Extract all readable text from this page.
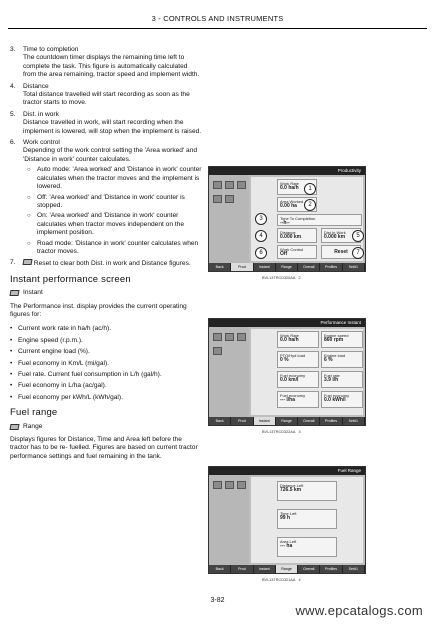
3 - CONTROLS AND INSTRUMENTS
3. Time to completion
The countdown timer displays the remaining time left to complete the task. This figure is automatically calculated from the area remaining, tractor speed and implement width.
4. Distance
Total distance travelled will start recording as soon as the tractor starts to move.
5. Dist. in work
Distance travelled in work, will start recording when the implement is lowered, will stop when the implement is raised.
6. Work control
Depending of the work control setting the 'Area worked' and 'Distance in work' counter calculates.
○ Auto mode: 'Area worked' and 'Distance in work' counter calculates when the tractor moves and the implement is lowered.
○ Off: 'Area worked' and 'Distance in work' counter is stopped.
○ On: 'Area worked' and 'Distance in work' counter calculates when tractor moves independent on the implement position.
○ Road mode: 'Distance in work' counter calculates when tractor moves.
7.	Reset to clear both Dist. in work and Distance figures.
Instant performance screen
Instant
The Performance inst. display provides the current operating figures for:
• Current work rate in ha/h (ac/h).
• Engine speed (r.p.m.).
• Current engine load (%).
• Fuel economy in Km/L (mi/gal).
• Fuel rate. Current fuel consumption in L/h (gal/h).
• Fuel economy in L/ha (ac/gal).
• Fuel economy per kWh/L (kWh/gal).
Fuel range
Range
Displays figures for Distance, Time and Area left before the tractor has to be re- fuelled. Figures are based on current tractor performance settings and fuel remaining in the tank.
Productivity
Work Rate
0.0 ha/h
Area Worked
0.00 ha
Time To Completion
--h--
Distance
0.000 km
Dist In Work
0.000 km
Work Control
Off	Reset
1
2
3
4	5
6	7
Back	Prod	Instant	Range	Overall	Profiles	Set#1
BVL13TRCD320AA 2
Performance Instant
Work Rate
0.0 ha/h
Engine speed
860 rpm
PTO/Hyd load
0 %
Engine load
6 %
Fuel economy
0.0 km/l
Fuel rate
3.9 l/h
Fuel economy
--- l/ha
Fuel economy
0.0 kWh/l
Back	Prod	Instant	Range	Overall	Profiles	Set#1
BVL13TRCD322AA 3
Fuel Range
Distance Left
726.5 km
Time Left
99 h
Area Left
--- ha
Back	Prod	Instant	Range	Overall	Profiles	Set#1
BVL13TRCD321AA 4
3-82
www.epcatalogs.com
